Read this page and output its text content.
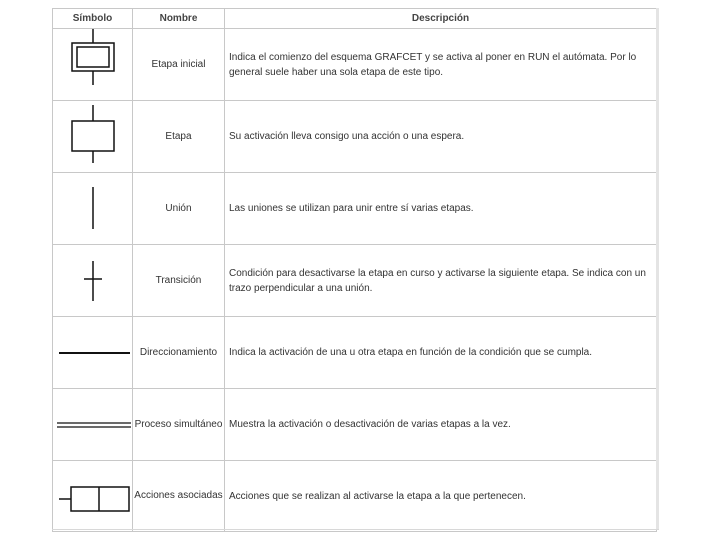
Símbolo	Nombre	Descripción

	Etapa inicial	Indica el comienzo del esquema GRAFCET y se activa al poner en RUN el autómata. Por lo general suele haber una sola etapa de este tipo.

	Etapa	Su activación lleva consigo una acción o una espera.

	Unión	Las uniones se utilizan para unir entre sí varias etapas.

	Transición	Condición para desactivarse la etapa en curso y activarse la siguiente etapa. Se indica con un trazo perpendicular a una unión.

	Direccionamiento	Indica la activación de una u otra etapa en función de la condición que se cumpla.

	Proceso simultáneo	Muestra la activación o desactivación de varias etapas a la vez.

	Acciones asociadas	Acciones que se realizan al activarse la etapa a la que pertenecen.
